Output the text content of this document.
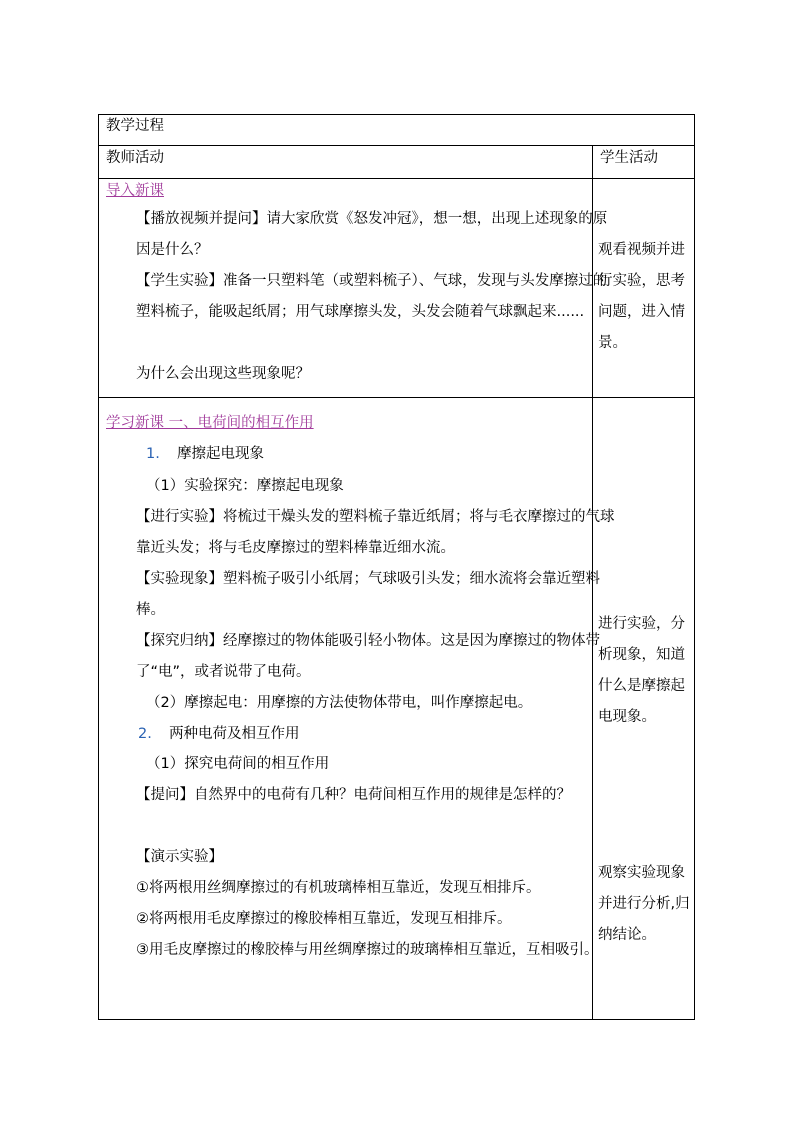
教学过程
教师活动	学生活动
导入新课
【播放视频并提问】请大家欣赏《怒发冲冠》，想一想，出现上述现象的原因是什么？
【学生实验】准备一只塑料笔（或塑料梳子）、气球，发现与头发摩擦过的塑料梳子，能吸起纸屑；用气球摩擦头发，头发会随着气球飘起来......
为什么会出现这些现象呢？
观看视频并进行实验，思考问题，进入情景。
学习新课 一、电荷间的相互作用
1. 摩擦起电现象
（1）实验探究：摩擦起电现象
【进行实验】将梳过干燥头发的塑料梳子靠近纸屑；将与毛衣摩擦过的气球靠近头发；将与毛皮摩擦过的塑料棒靠近细水流。
【实验现象】塑料梳子吸引小纸屑；气球吸引头发；细水流将会靠近塑料棒。
【探究归纳】经摩擦过的物体能吸引轻小物体。这是因为摩擦过的物体带了“电”，或者说带了电荷。
（2）摩擦起电：用摩擦的方法使物体带电，叫作摩擦起电。
2. 两种电荷及相互作用
（1）探究电荷间的相互作用
【提问】自然界中的电荷有几种？电荷间相互作用的规律是怎样的？
【演示实验】
①将两根用丝绸摩擦过的有机玻璃棒相互靠近，发现互相排斥。
②将两根用毛皮摩擦过的橡胶棒相互靠近，发现互相排斥。
③用毛皮摩擦过的橡胶棒与用丝绸摩擦过的玻璃棒相互靠近，互相吸引。
进行实验，分析现象，知道什么是摩擦起电现象。
观察实验现象并进行分析,归纳结论。
